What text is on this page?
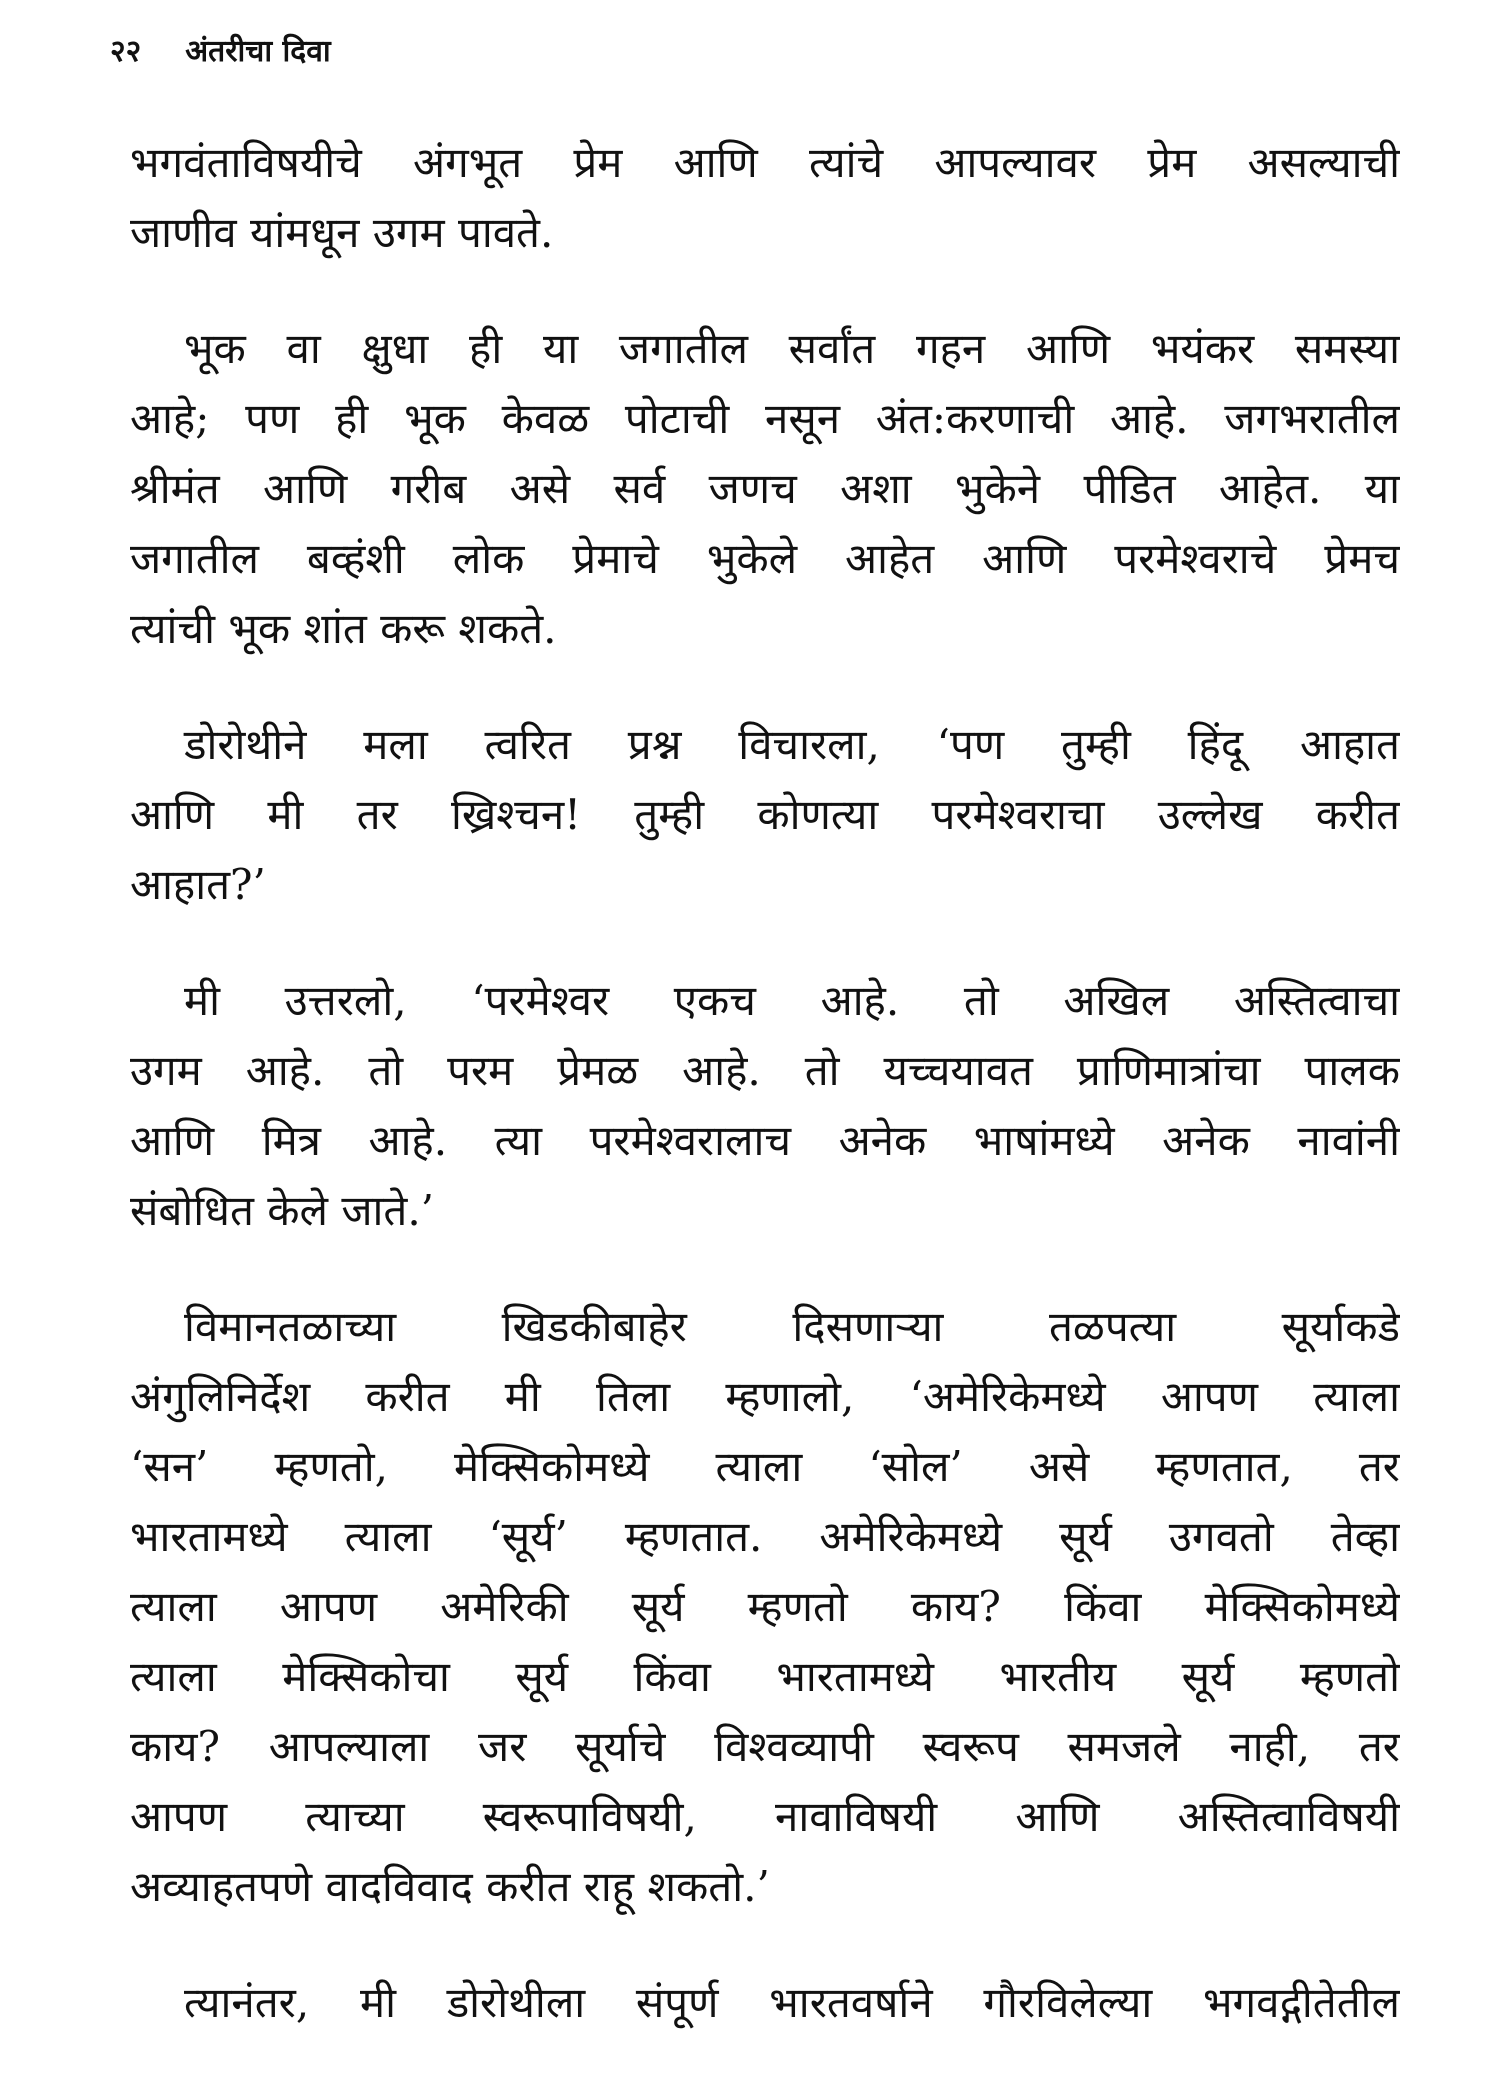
२२ अंतरीचा दिवा

भगवंताविषयीचे अंगभूत प्रेम आणि त्यांचे आपल्यावर प्रेम असल्याची
जाणीव यांमधून उगम पावते.

भूक वा क्षुधा ही या जगातील सर्वांत गहन आणि भयंकर समस्या
आहे; पण ही भूक केवळ पोटाची नसून अंत:करणाची आहे. जगभरातील
श्रीमंत आणि गरीब असे सर्व जणच अशा भुकेने पीडित आहेत. या
जगातील बव्हंशी लोक प्रेमाचे भुकेले आहेत आणि परमेश्वराचे प्रेमच
त्यांची भूक शांत करू शकते.

डोरोथीने मला त्वरित प्रश्न विचारला, ‘पण तुम्ही हिंदू आहात
आणि मी तर ख्रिश्चन! तुम्ही कोणत्या परमेश्वराचा उल्लेख करीत
आहात?’

मी उत्तरलो, ‘परमेश्वर एकच आहे. तो अखिल अस्तित्वाचा
उगम आहे. तो परम प्रेमळ आहे. तो यच्चयावत प्राणिमात्रांचा पालक
आणि मित्र आहे. त्या परमेश्वरालाच अनेक भाषांमध्ये अनेक नावांनी
संबोधित केले जाते.’

विमानतळाच्या खिडकीबाहेर दिसणाऱ्या तळपत्या सूर्याकडे
अंगुलिनिर्देश करीत मी तिला म्हणालो, ‘अमेरिकेमध्ये आपण त्याला
‘सन’ म्हणतो, मेक्सिकोमध्ये त्याला ‘सोल’ असे म्हणतात, तर
भारतामध्ये त्याला ‘सूर्य’ म्हणतात. अमेरिकेमध्ये सूर्य उगवतो तेव्हा
त्याला आपण अमेरिकी सूर्य म्हणतो काय? किंवा मेक्सिकोमध्ये
त्याला मेक्सिकोचा सूर्य किंवा भारतामध्ये भारतीय सूर्य म्हणतो
काय? आपल्याला जर सूर्याचे विश्वव्यापी स्वरूप समजले नाही, तर
आपण त्याच्या स्वरूपाविषयी, नावाविषयी आणि अस्तित्वाविषयी
अव्याहतपणे वादविवाद करीत राहू शकतो.’

त्यानंतर, मी डोरोथीला संपूर्ण भारतवर्षाने गौरविलेल्या भगवद्गीतेतील
